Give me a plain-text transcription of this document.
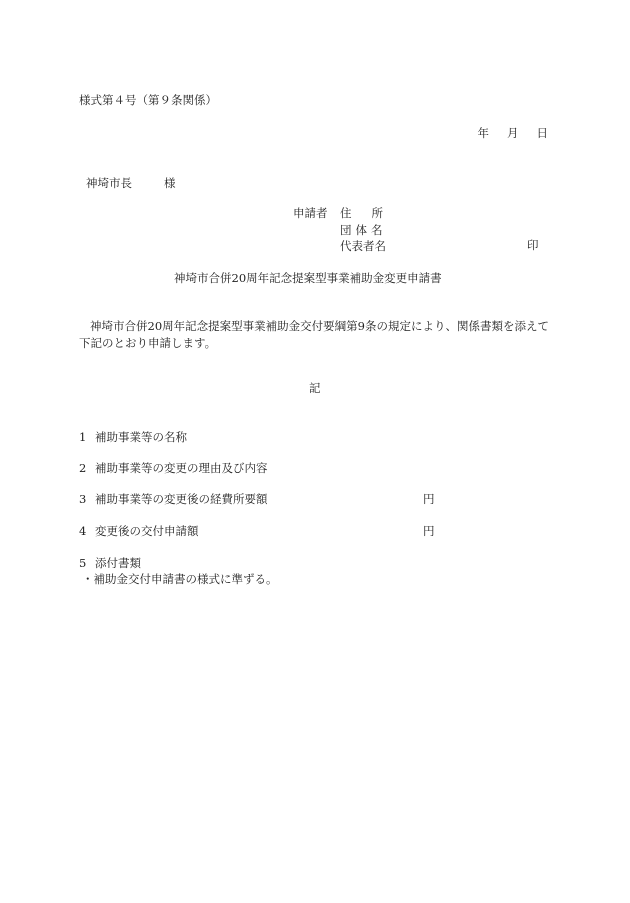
様式第４号（第９条関係）
年 月 日
神埼市長	様
申請者 住 所
団 体 名
代表者名	印
神埼市合併20周年記念提案型事業補助金変更申請書
神埼市合併20周年記念提案型事業補助金交付要綱第9条の規定により、関係書類を添えて下記のとおり申請します。
記
1 補助事業等の名称
2 補助事業等の変更の理由及び内容
3 補助事業等の変更後の経費所要額	円
4 変更後の交付申請額	円
5 添付書類
・補助金交付申請書の様式に準ずる。
